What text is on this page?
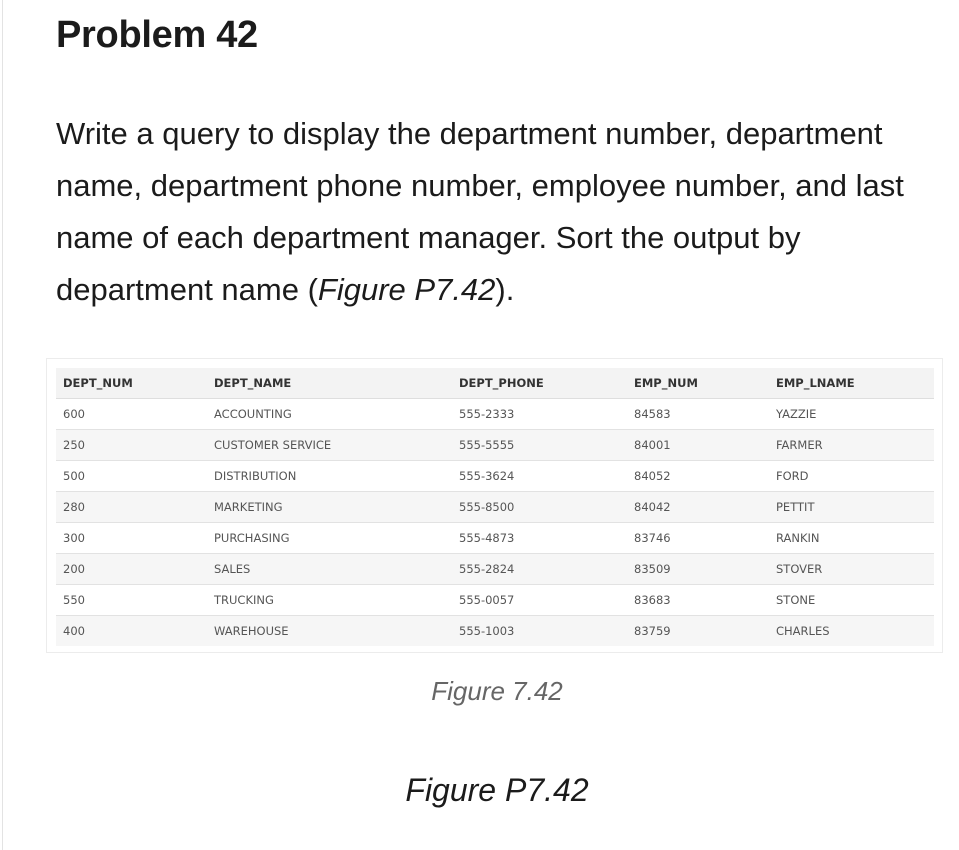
Problem 42

Write a query to display the department number, department name, department phone number, employee number, and last name of each department manager. Sort the output by department name (Figure P7.42).

DEPT_NUM	DEPT_NAME	DEPT_PHONE	EMP_NUM	EMP_LNAME
600	ACCOUNTING	555-2333	84583	YAZZIE
250	CUSTOMER SERVICE	555-5555	84001	FARMER
500	DISTRIBUTION	555-3624	84052	FORD
280	MARKETING	555-8500	84042	PETTIT
300	PURCHASING	555-4873	83746	RANKIN
200	SALES	555-2824	83509	STOVER
550	TRUCKING	555-0057	83683	STONE
400	WAREHOUSE	555-1003	83759	CHARLES
Figure 7.42
Figure P7.42
